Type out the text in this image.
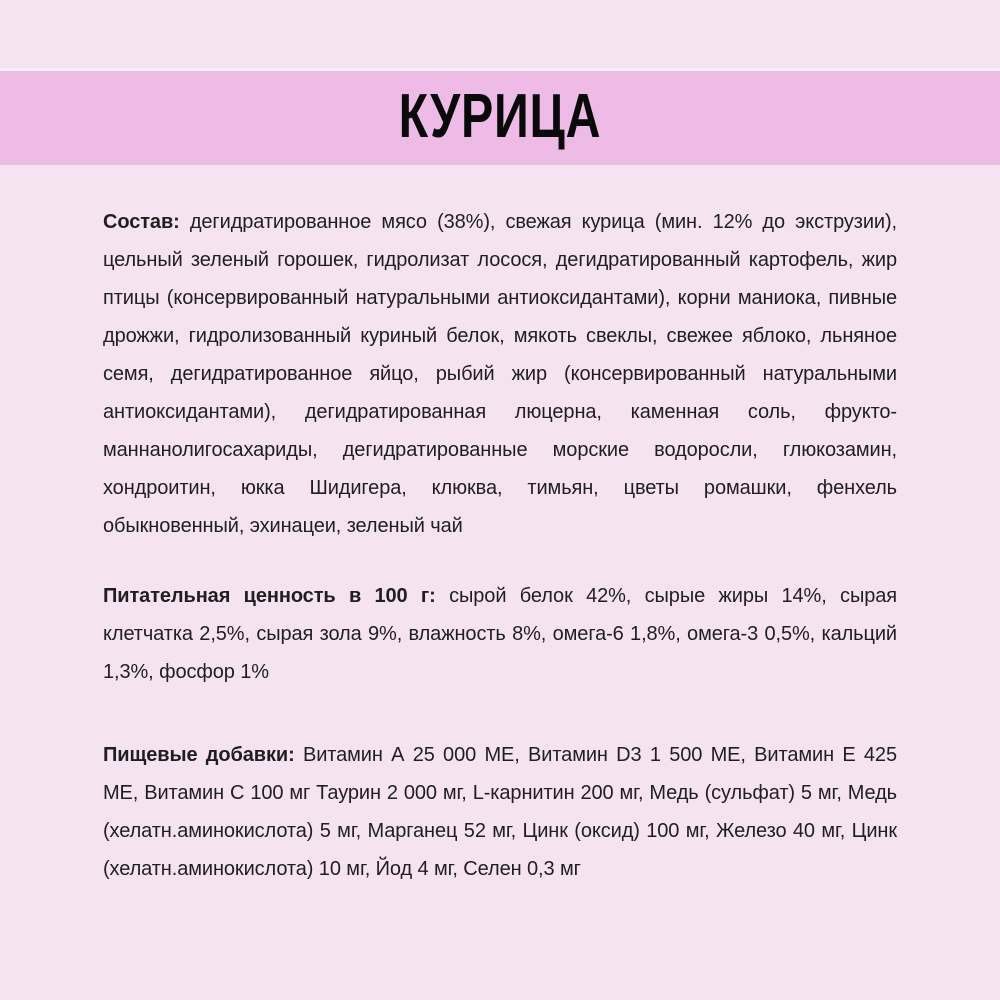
КУРИЦА

Состав: дегидратированное мясо (38%), свежая курица (мин. 12% до экструзии), цельный зеленый горошек, гидролизат лосося, дегидратированный картофель, жир птицы (консервированный натуральными антиоксидантами), корни маниока, пивные дрожжи, гидролизованный куриный белок, мякоть свеклы, свежее яблоко, льняное семя, дегидратированное яйцо, рыбий жир (консервированный натуральными антиоксидантами), дегидратированная люцерна, каменная соль, фрукто-маннанолигосахариды, дегидратированные морские водоросли, глюкозамин, хондроитин, юкка Шидигера, клюква, тимьян, цветы ромашки, фенхель обыкновенный, эхинацеи, зеленый чай

Питательная ценность в 100 г: сырой белок 42%, сырые жиры 14%, сырая клетчатка 2,5%, сырая зола 9%, влажность 8%, омега-6 1,8%, омега-3 0,5%, кальций 1,3%, фосфор 1%

Пищевые добавки: Витамин А 25 000 МЕ, Витамин D3 1 500 МЕ, Витамин Е 425 МЕ, Витамин С 100 мг Таурин 2 000 мг, L-карнитин 200 мг, Медь (сульфат) 5 мг, Медь (хелатн.аминокислота) 5 мг, Марганец 52 мг, Цинк (оксид) 100 мг, Железо 40 мг, Цинк (хелатн.аминокислота) 10 мг, Йод 4 мг, Селен 0,3 мг
